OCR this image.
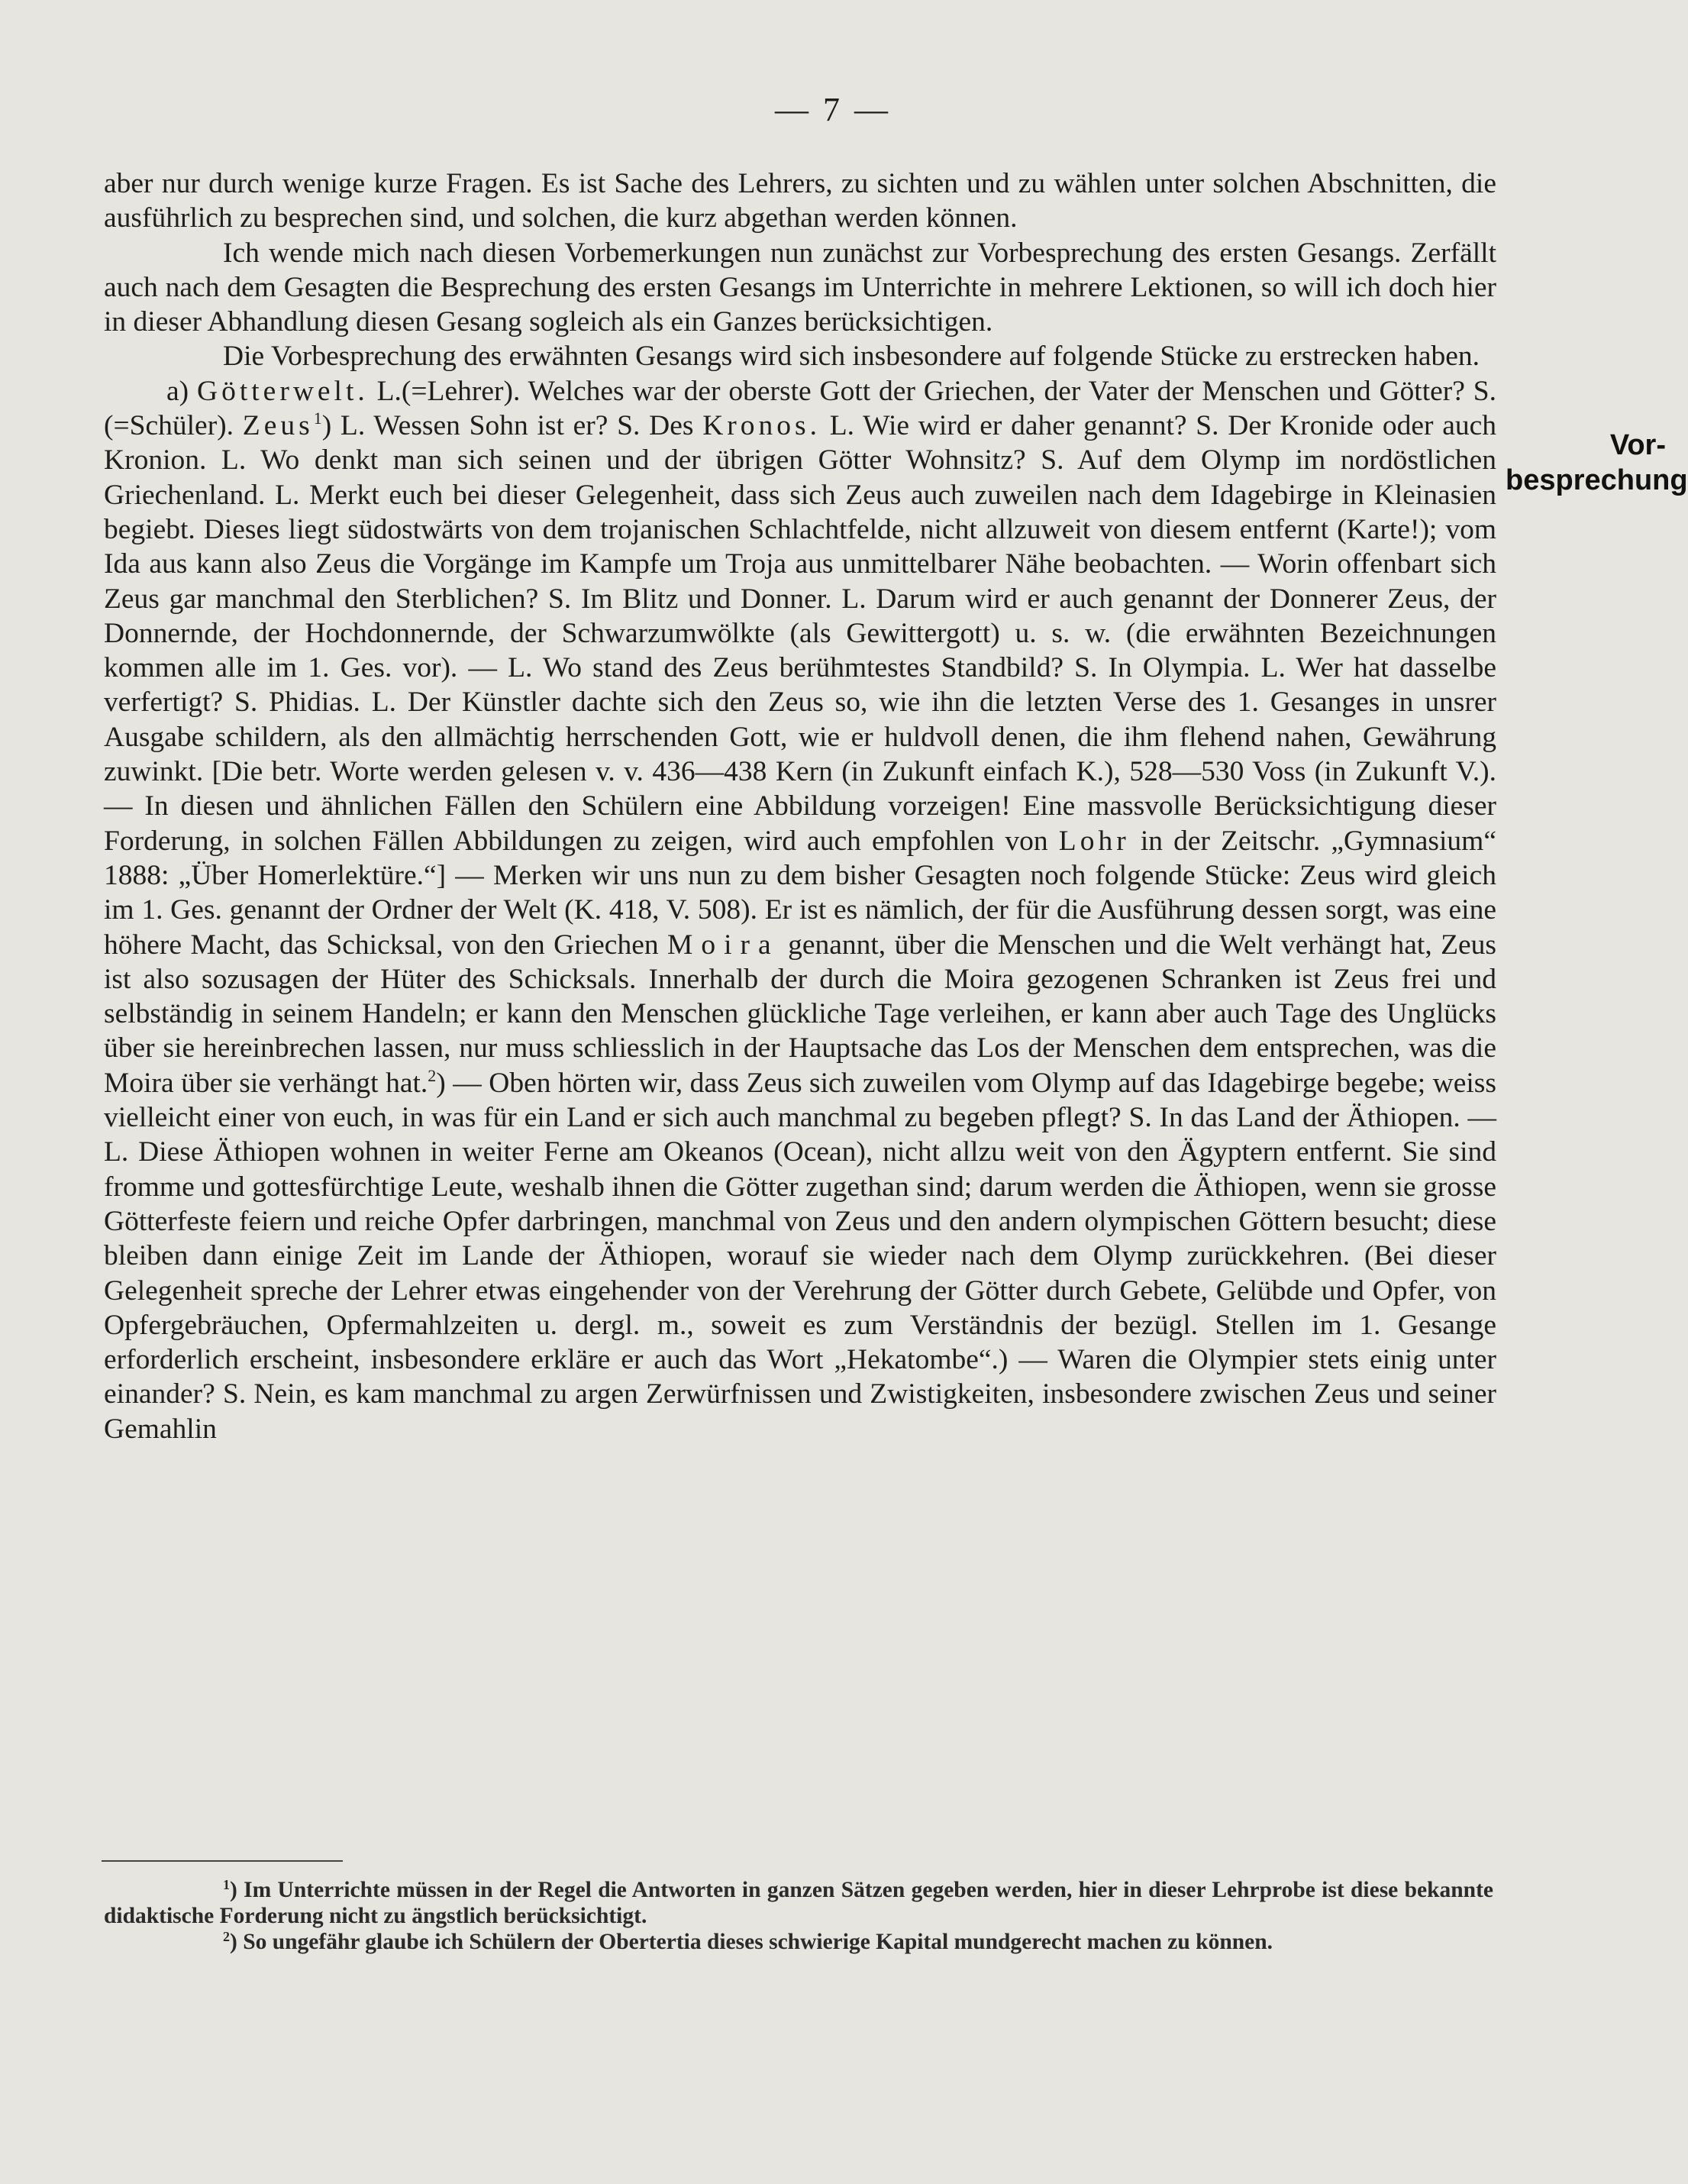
— 7 —
Vor-
besprechung

aber nur durch wenige kurze Fragen. Es ist Sache des Lehrers, zu sichten und zu wählen unter solchen Abschnitten, die ausführlich zu besprechen sind, und solchen, die kurz abgethan werden können.

Ich wende mich nach diesen Vorbemerkungen nun zunächst zur Vorbesprechung des ersten Gesangs. Zerfällt auch nach dem Gesagten die Besprechung des ersten Gesangs im Unterrichte in mehrere Lektionen, so will ich doch hier in dieser Abhandlung diesen Gesang sogleich als ein Ganzes berücksichtigen.

Die Vorbesprechung des erwähnten Gesangs wird sich insbesondere auf folgende Stücke zu erstrecken haben.

a) Götterwelt. L.(=Lehrer). Welches war der oberste Gott der Griechen, der Vater der Menschen und Götter? S.(=Schüler). Zeus$^1$) L. Wessen Sohn ist er? S. Des Kronos. L. Wie wird er daher genannt? S. Der Kronide oder auch Kronion. L. Wo denkt man sich seinen und der übrigen Götter Wohnsitz? S. Auf dem Olymp im nordöstlichen Griechenland. L. Merkt euch bei dieser Gelegenheit, dass sich Zeus auch zuweilen nach dem Idagebirge in Kleinasien begiebt. Dieses liegt südostwärts von dem trojanischen Schlachtfelde, nicht allzuweit von diesem entfernt (Karte!); vom Ida aus kann also Zeus die Vorgänge im Kampfe um Troja aus unmittelbarer Nähe beobachten. — Worin offenbart sich Zeus gar manchmal den Sterblichen? S. Im Blitz und Donner. L. Darum wird er auch genannt der Donnerer Zeus, der Donnernde, der Hochdonnernde, der Schwarzumwölkte (als Gewittergott) u. s. w. (die erwähnten Bezeichnungen kommen alle im 1. Ges. vor). — L. Wo stand des Zeus berühmtestes Standbild? S. In Olympia. L. Wer hat dasselbe verfertigt? S. Phidias. L. Der Künstler dachte sich den Zeus so, wie ihn die letzten Verse des 1. Gesanges in unsrer Ausgabe schildern, als den allmächtig herrschenden Gott, wie er huldvoll denen, die ihm flehend nahen, Gewährung zuwinkt. [Die betr. Worte werden gelesen v. v. 436—438 Kern (in Zukunft einfach K.), 528—530 Voss (in Zukunft V.). — In diesen und ähnlichen Fällen den Schülern eine Abbildung vorzeigen! Eine massvolle Berücksichtigung dieser Forderung, in solchen Fällen Abbildungen zu zeigen, wird auch empfohlen von Lohr in der Zeitschr. „Gymnasium“ 1888: „Über Homerlektüre.“] — Merken wir uns nun zu dem bisher Gesagten noch folgende Stücke: Zeus wird gleich im 1. Ges. genannt der Ordner der Welt (K. 418, V. 508). Er ist es nämlich, der für die Ausführung dessen sorgt, was eine höhere Macht, das Schicksal, von den Griechen Moira genannt, über die Menschen und die Welt verhängt hat, Zeus ist also sozusagen der Hüter des Schicksals. Innerhalb der durch die Moira gezogenen Schranken ist Zeus frei und selbständig in seinem Handeln; er kann den Menschen glückliche Tage verleihen, er kann aber auch Tage des Unglücks über sie hereinbrechen lassen, nur muss schliesslich in der Hauptsache das Los der Menschen dem entsprechen, was die Moira über sie verhängt hat.$^2$) — Oben hörten wir, dass Zeus sich zuweilen vom Olymp auf das Idagebirge begebe; weiss vielleicht einer von euch, in was für ein Land er sich auch manchmal zu begeben pflegt? S. In das Land der Äthiopen. — L. Diese Äthiopen wohnen in weiter Ferne am Okeanos (Ocean), nicht allzu weit von den Ägyptern entfernt. Sie sind fromme und gottesfürchtige Leute, weshalb ihnen die Götter zugethan sind; darum werden die Äthiopen, wenn sie grosse Götterfeste feiern und reiche Opfer darbringen, manchmal von Zeus und den andern olympischen Göttern besucht; diese bleiben dann einige Zeit im Lande der Äthiopen, worauf sie wieder nach dem Olymp zurückkehren. (Bei dieser Gelegenheit spreche der Lehrer etwas eingehender von der Verehrung der Götter durch Gebete, Gelübde und Opfer, von Opfergebräuchen, Opfermahlzeiten u. dergl. m., soweit es zum Verständnis der bezügl. Stellen im 1. Gesange erforderlich erscheint, insbesondere erkläre er auch das Wort „Hekatombe“.) — Waren die Olympier stets einig unter einander? S. Nein, es kam manchmal zu argen Zerwürfnissen und Zwistigkeiten, insbesondere zwischen Zeus und seiner Gemahlin

$^1$) Im Unterrichte müssen in der Regel die Antworten in ganzen Sätzen gegeben werden, hier in dieser Lehrprobe ist diese bekannte didaktische Forderung nicht zu ängstlich berücksichtigt.

$^2$) So ungefähr glaube ich Schülern der Obertertia dieses schwierige Kapital mundgerecht machen zu können.
